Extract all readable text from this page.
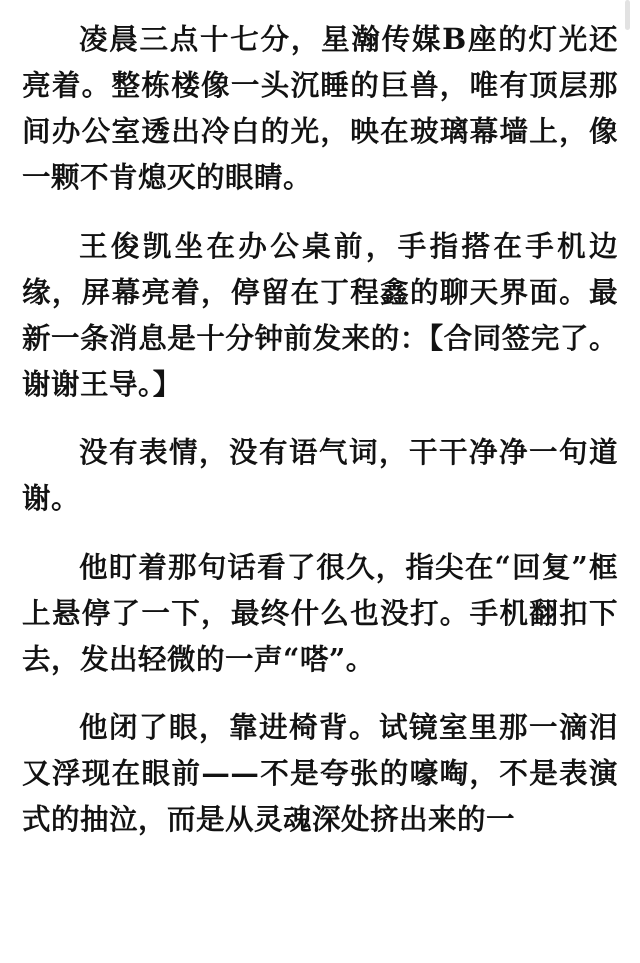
凌晨三点十七分，星瀚传媒B座的灯光还亮着。整栋楼像一头沉睡的巨兽，唯有顶层那间办公室透出冷白的光，映在玻璃幕墙上，像一颗不肯熄灭的眼睛。

王俊凯坐在办公桌前，手指搭在手机边缘，屏幕亮着，停留在丁程鑫的聊天界面。最新一条消息是十分钟前发来的：【合同签完了。谢谢王导。】

没有表情，没有语气词，干干净净一句道谢。

他盯着那句话看了很久，指尖在“回复”框上悬停了一下，最终什么也没打。手机翻扣下去，发出轻微的一声“嗒”。

他闭了眼，靠进椅背。试镜室里那一滴泪又浮现在眼前——不是夸张的嚎啕，不是表演式的抽泣，而是从灵魂深处挤出来的一
